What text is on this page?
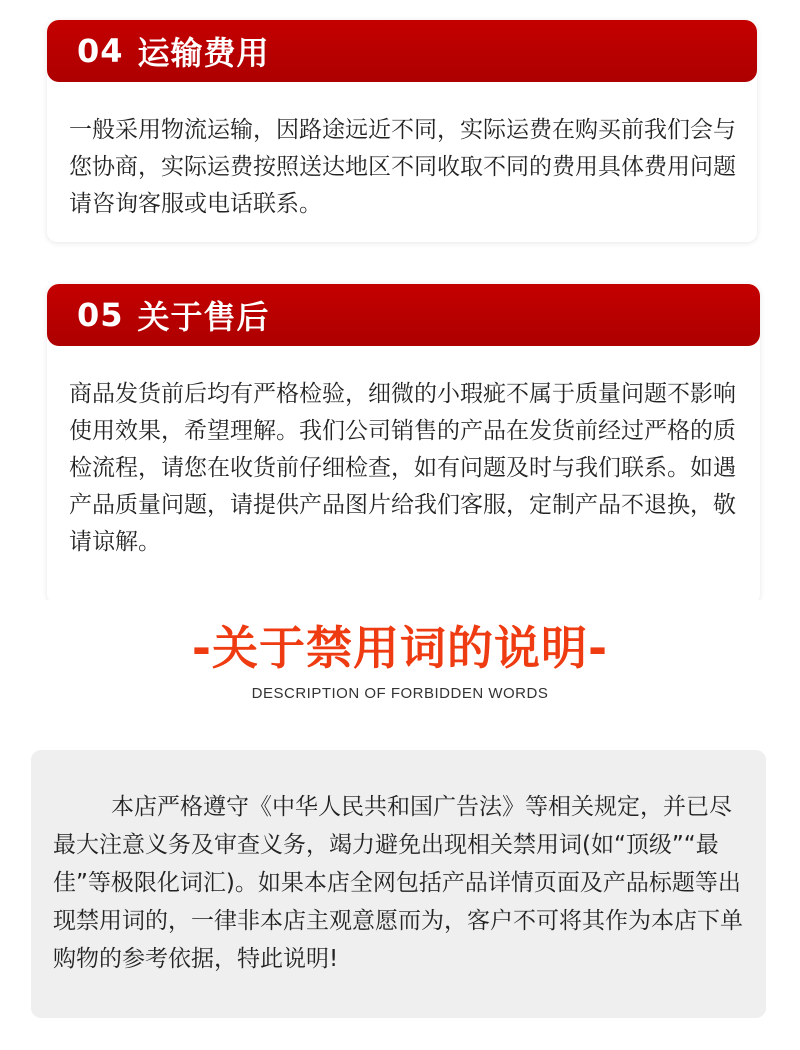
04 运输费用
一般采用物流运输，因路途远近不同，实际运费在购买前我们会与您协商，实际运费按照送达地区不同收取不同的费用具体费用问题请咨询客服或电话联系。
05 关于售后
商品发货前后均有严格检验，细微的小瑕疵不属于质量问题不影响使用效果，希望理解。我们公司销售的产品在发货前经过严格的质检流程，请您在收货前仔细检查，如有问题及时与我们联系。如遇产品质量问题，请提供产品图片给我们客服，定制产品不退换，敬请谅解。
-关于禁用词的说明-
DESCRIPTION OF FORBIDDEN WORDS
本店严格遵守《中华人民共和国广告法》等相关规定，并已尽最大注意义务及审查义务，竭力避免出现相关禁用词(如“顶级”“最佳”等极限化词汇)。如果本店全网包括产品详情页面及产品标题等出现禁用词的，一律非本店主观意愿而为，客户不可将其作为本店下单购物的参考依据，特此说明!
